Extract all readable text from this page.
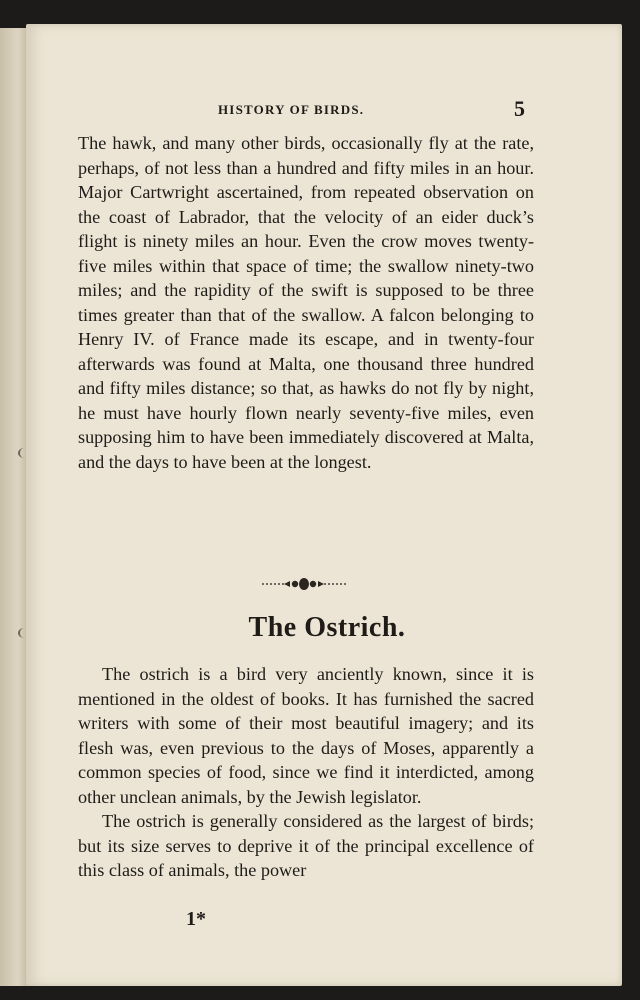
HISTORY OF BIRDS.	5

The hawk, and many other birds, occasionally fly at the rate, perhaps, of not less than a hundred and fifty miles in an hour. Major Cartwright ascertained, from repeated observation on the coast of Labrador, that the velocity of an eider duck’s flight is ninety miles an hour. Even the crow moves twenty-five miles within that space of time; the swallow ninety-two miles; and the rapidity of the swift is supposed to be three times greater than that of the swallow. A falcon belonging to Henry IV. of France made its escape, and in twenty-four afterwards was found at Malta, one thousand three hundred and fifty miles distance; so that, as hawks do not fly by night, he must have hourly flown nearly seventy-five miles, even supposing him to have been immediately discovered at Malta, and the days to have been at the longest.

The Ostrich.

The ostrich is a bird very anciently known, since it is mentioned in the oldest of books. It has furnished the sacred writers with some of their most beautiful imagery; and its flesh was, even previous to the days of Moses, apparently a common species of food, since we find it interdicted, among other unclean animals, by the Jewish legislator.

The ostrich is generally considered as the largest of birds; but its size serves to deprive it of the principal excellence of this class of animals, the power

1*
